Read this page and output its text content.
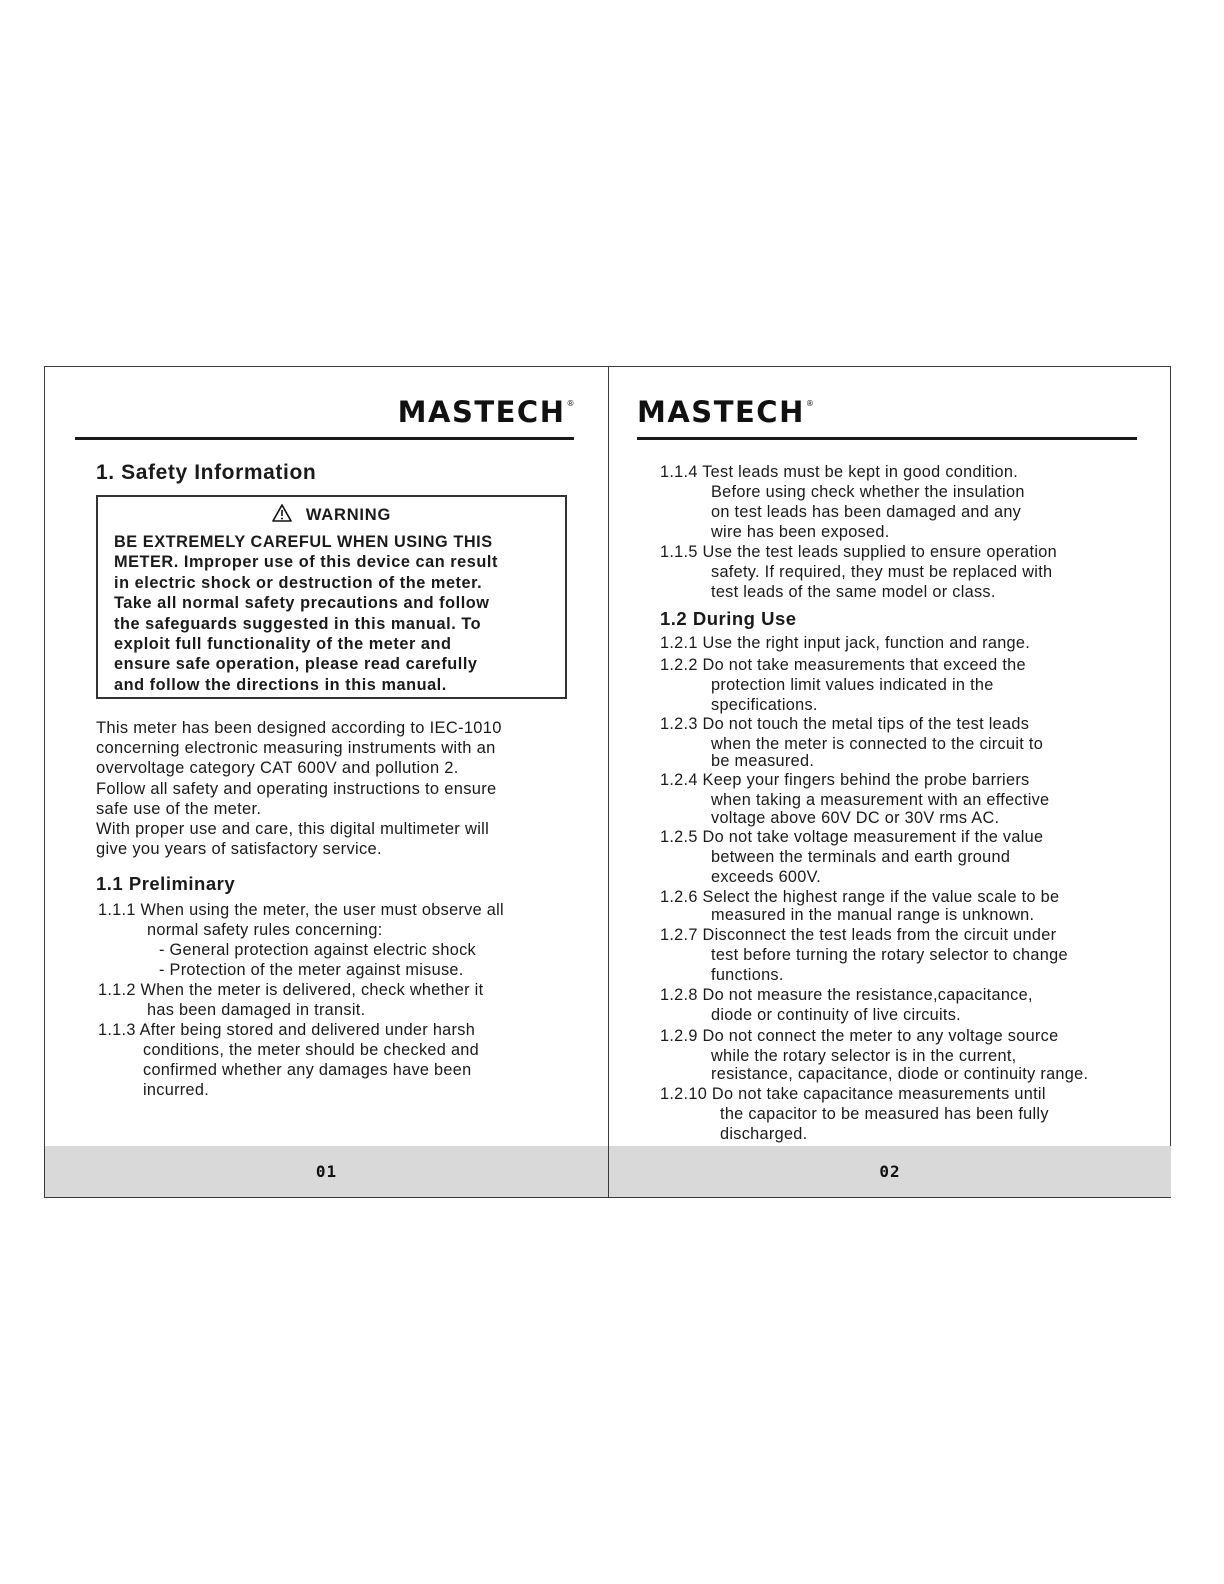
MASTECH®
1. Safety Information
WARNING
BE EXTREMELY CAREFUL WHEN USING THIS
METER. Improper use of this device can result
in electric shock or destruction of the meter.
Take all normal safety precautions and follow
the safeguards suggested in this manual. To
exploit full functionality of the meter and
ensure safe operation, please read carefully
and follow the directions in this manual.
This meter has been designed according to IEC-1010
concerning electronic measuring instruments with an
overvoltage category CAT 600V and pollution 2.
Follow all safety and operating instructions to ensure
safe use of the meter.
With proper use and care, this digital multimeter will
give you years of satisfactory service.
1.1 Preliminary
1.1.1 When using the meter, the user must observe all
normal safety rules concerning:
- General protection against electric shock
- Protection of the meter against misuse.
1.1.2 When the meter is delivered, check whether it
has been damaged in transit.
1.1.3 After being stored and delivered under harsh
conditions, the meter should be checked and
confirmed whether any damages have been
incurred.
01
MASTECH®
1.1.4 Test leads must be kept in good condition.
Before using check whether the insulation
on test leads has been damaged and any
wire has been exposed.
1.1.5 Use the test leads supplied to ensure operation
safety. If required, they must be replaced with
test leads of the same model or class.
1.2 During Use
1.2.1 Use the right input jack, function and range.
1.2.2 Do not take measurements that exceed the
protection limit values indicated in the
specifications.
1.2.3 Do not touch the metal tips of the test leads
when the meter is connected to the circuit to
be measured.
1.2.4 Keep your fingers behind the probe barriers
when taking a measurement with an effective
voltage above 60V DC or 30V rms AC.
1.2.5 Do not take voltage measurement if the value
between the terminals and earth ground
exceeds 600V.
1.2.6 Select the highest range if the value scale to be
measured in the manual range is unknown.
1.2.7 Disconnect the test leads from the circuit under
test before turning the rotary selector to change
functions.
1.2.8 Do not measure the resistance,capacitance,
diode or continuity of live circuits.
1.2.9 Do not connect the meter to any voltage source
while the rotary selector is in the current,
resistance, capacitance, diode or continuity range.
1.2.10 Do not take capacitance measurements until
the capacitor to be measured has been fully
discharged.
02
